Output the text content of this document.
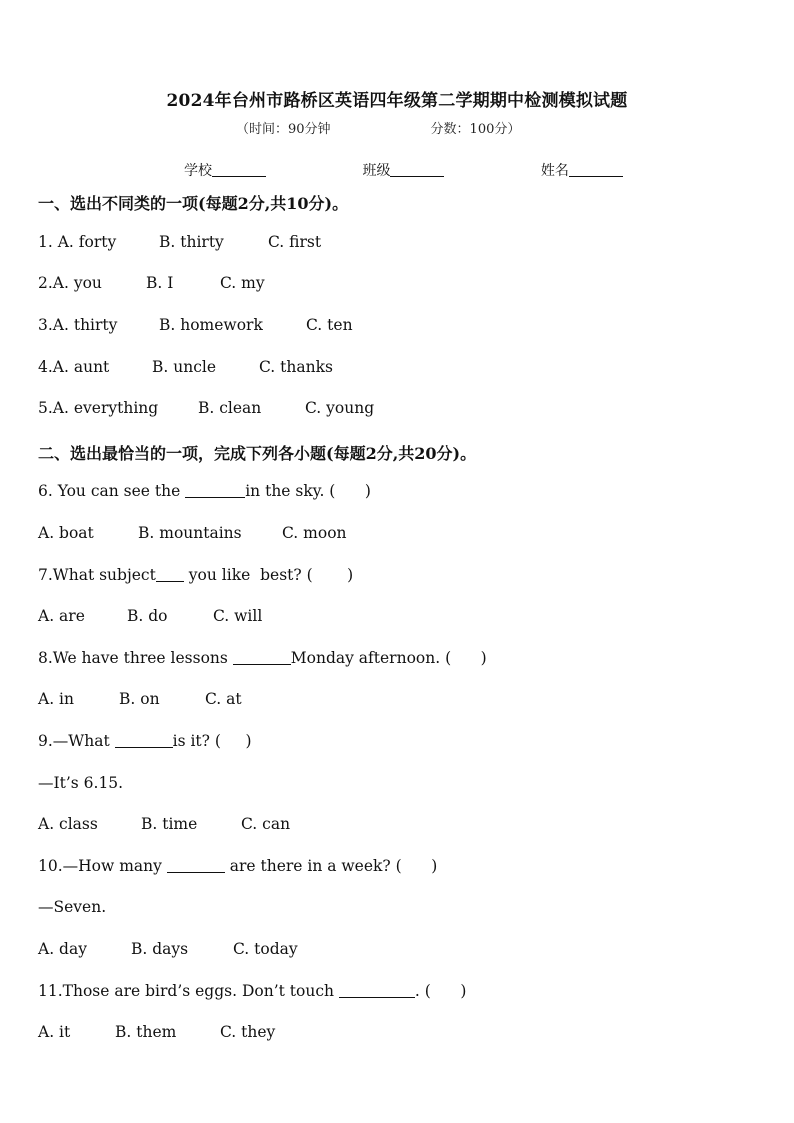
2024年台州市路桥区英语四年级第二学期期中检测模拟试题
（时间：90分钟	分数：100分）
学校	班级	姓名
一、选出不同类的一项(每题2分,共10分)。
1. A. forty	B. thirty	C. first
2.A. you	B. I	C. my
3.A. thirty	B. homework	C. ten
4.A. aunt	B. uncle	C. thanks
5.A. everything	B. clean	C. young
二、选出最恰当的一项，完成下列各小题(每题2分,共20分)。
6. You can see the	in the sky. (      )
A. boat	B. mountains	C. moon
7.What subject you like  best? (       )
A. are	B. do	C. will
8.We have three lessons	Monday afternoon. (      )
A. in	B. on	C. at
9.—What	is it? (     )
—It’s 6.15.
A. class	B. time	C. can
10.—How many	are there in a week? (      )
—Seven.
A. day	B. days	C. today
11.Those are bird’s eggs. Don’t touch	. (      )
A. it	B. them	C. they
